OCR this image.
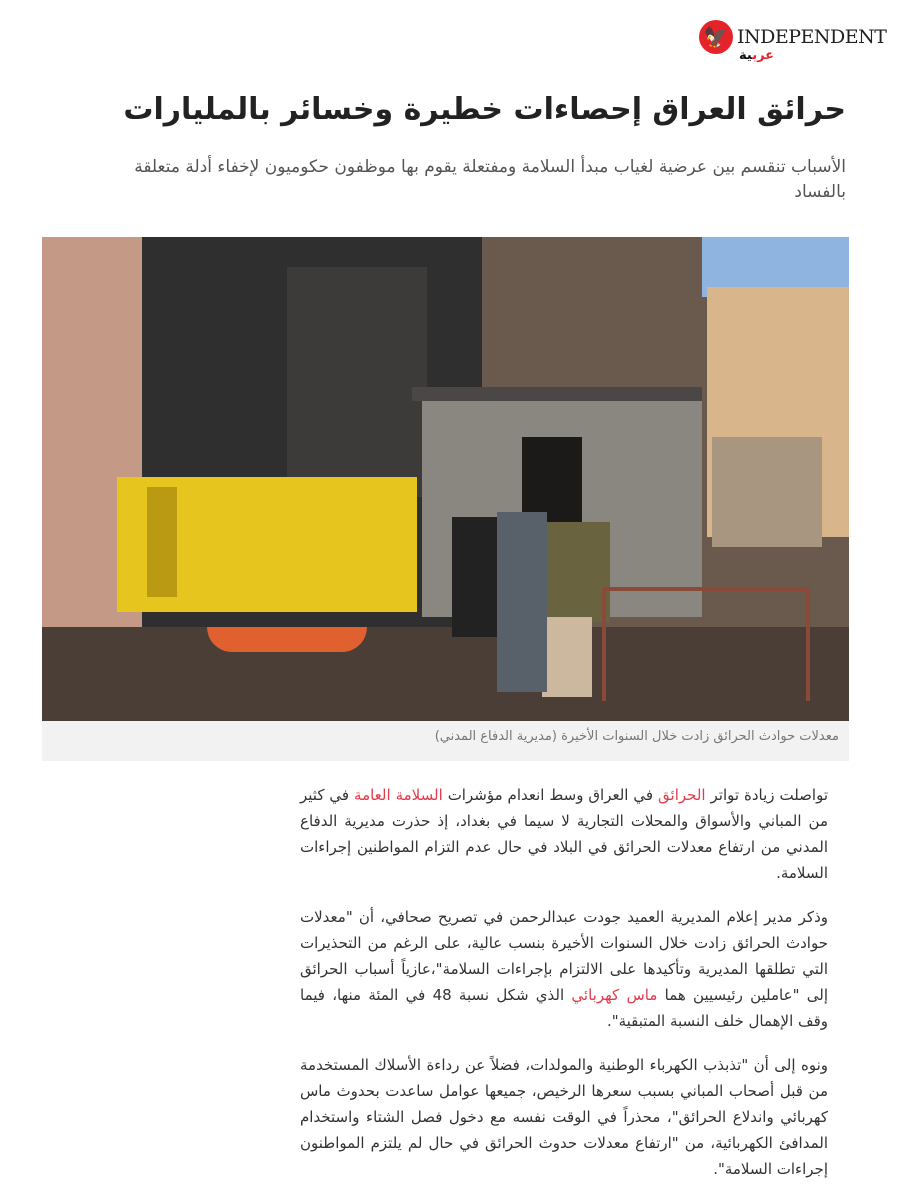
🦅 INDEPENDENT
عربية
حرائق العراق إحصاءات خطيرة وخسائر بالمليارات

الأسباب تنقسم بين عرضية لغياب مبدأ السلامة ومفتعلة يقوم بها موظفون حكوميون لإخفاء أدلة متعلقة بالفساد

معدلات حوادث الحرائق زادت خلال السنوات الأخيرة (مديرية الدفاع المدني)

تواصلت زيادة تواتر الحرائق في العراق وسط انعدام مؤشرات السلامة العامة في كثير من المباني والأسواق والمحلات التجارية لا سيما في بغداد، إذ حذرت مديرية الدفاع المدني من ارتفاع معدلات الحرائق في البلاد في حال عدم التزام المواطنين إجراءات السلامة.

وذكر مدير إعلام المديرية العميد جودت عبدالرحمن في تصريح صحافي، أن "معدلات حوادث الحرائق زادت خلال السنوات الأخيرة بنسب عالية، على الرغم من التحذيرات التي تطلقها المديرية وتأكيدها على الالتزام بإجراءات السلامة"،عازياً أسباب الحرائق إلى "عاملين رئيسيين هما ماس كهربائي الذي شكل نسبة 48 في المئة منها، فيما وقف الإهمال خلف النسبة المتبقية".

ونوه إلى أن "تذبذب الكهرباء الوطنية والمولدات، فضلاً عن رداءة الأسلاك المستخدمة من قبل أصحاب المباني بسبب سعرها الرخيص، جميعها عوامل ساعدت بحدوث ماس كهربائي واندلاع الحرائق"، محذراً في الوقت نفسه مع دخول فصل الشتاء واستخدام المدافئ الكهربائية، من "ارتفاع معدلات حدوث الحرائق في حال لم يلتزم المواطنون إجراءات السلامة".
